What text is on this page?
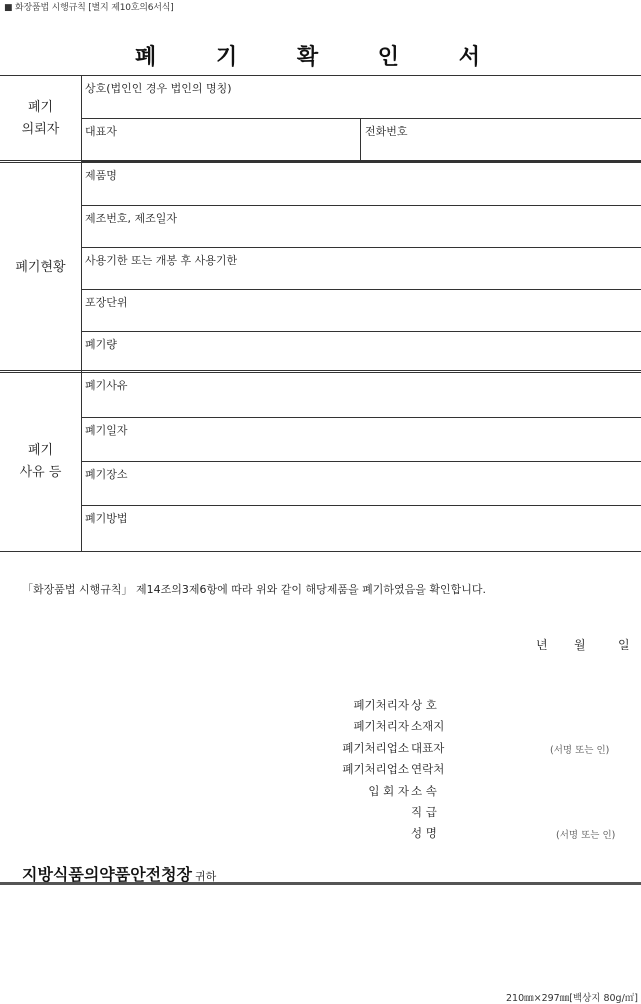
■ 화장품법 시행규칙 [별지 제10호의6서식]
폐 기 확 인 서
폐기
의뢰자
상호(법인인 경우 법인의 명칭)
대표자	전화번호
폐기현황
제품명
제조번호, 제조일자
사용기한 또는 개봉 후 사용기한
포장단위
폐기량
폐기
사유 등
폐기사유
폐기일자
폐기장소
폐기방법
「화장품법 시행규칙」 제14조의3제6항에 따라 위와 같이 해당제품을 폐기하였음을 확인합니다.
년 월	일
폐기처리자 상 호
폐기처리자 소재지
폐기처리업소 대표자	(서명 또는 인)
폐기처리업소 연락처
입 회 자 소 속
직 급
성 명	(서명 또는 인)
지방식품의약품안전청장 귀하
210㎜×297㎜[백상지 80g/㎡]
